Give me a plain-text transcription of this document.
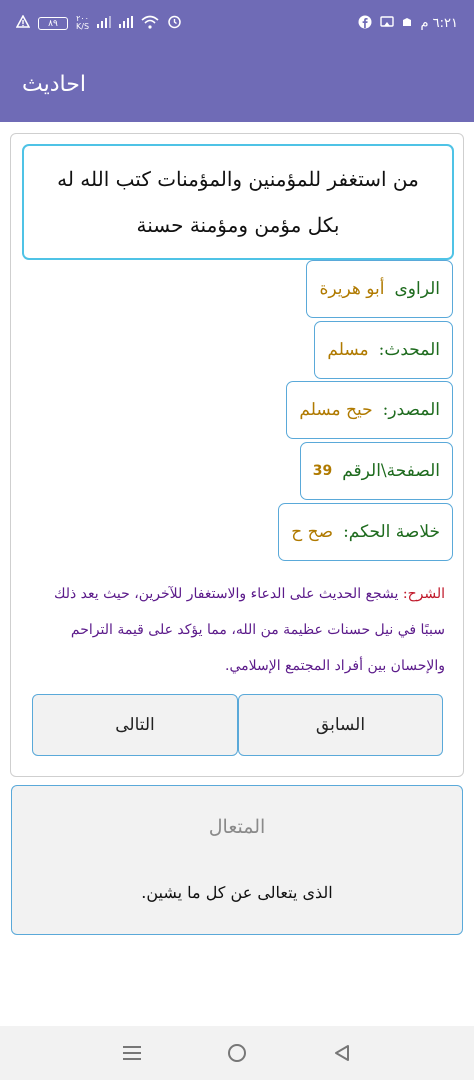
٨٩ ٢٠٠
K/S	٦:٢١ م
احاديث
من استغفر للمؤمنين والمؤمنات كتب الله له بكل مؤمن ومؤمنة حسنة
الراوى
أبو هريرة
المحدث:
مسلم
المصدر:
حيح مسلم
الصفحة\الرقم
39
خلاصة الحكم:
صح ح
الشرح: يشجع الحديث على الدعاء والاستغفار للآخرين، حيث يعد ذلك سببًا في نيل حسنات عظيمة من الله، مما يؤكد على قيمة التراحم والإحسان بين أفراد المجتمع الإسلامي.
التالى	السابق
المتعال
الذى يتعالى عن كل ما يشين.
